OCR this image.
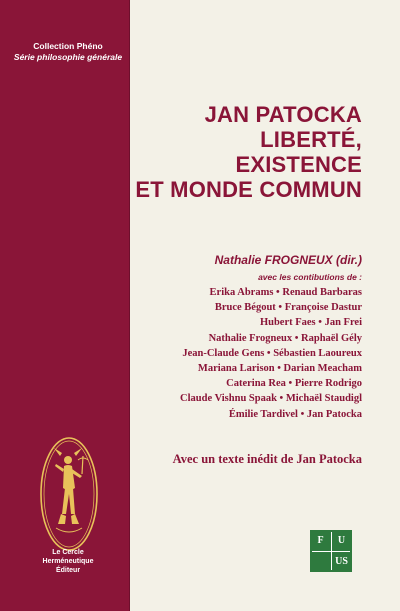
Collection Phéno
Série philosophie générale
Le Cercle
Herméneutique
Éditeur
JAN PATOCKA
LIBERTÉ,
EXISTENCE
ET MONDE COMMUN
Nathalie FROGNEUX (dir.)
avec les contibutions de :
Erika Abrams • Renaud Barbaras
Bruce Bégout • Françoise Dastur
Hubert Faes • Jan Frei
Nathalie Frogneux • Raphaël Gély
Jean-Claude Gens • Sébastien Laoureux
Mariana Larison • Darian Meacham
Caterina Rea • Pierre Rodrigo
Claude Vishnu Spaak • Michaël Staudigl
Émilie Tardivel • Jan Patocka
Avec un texte inédit de Jan Patocka
F	U
US
